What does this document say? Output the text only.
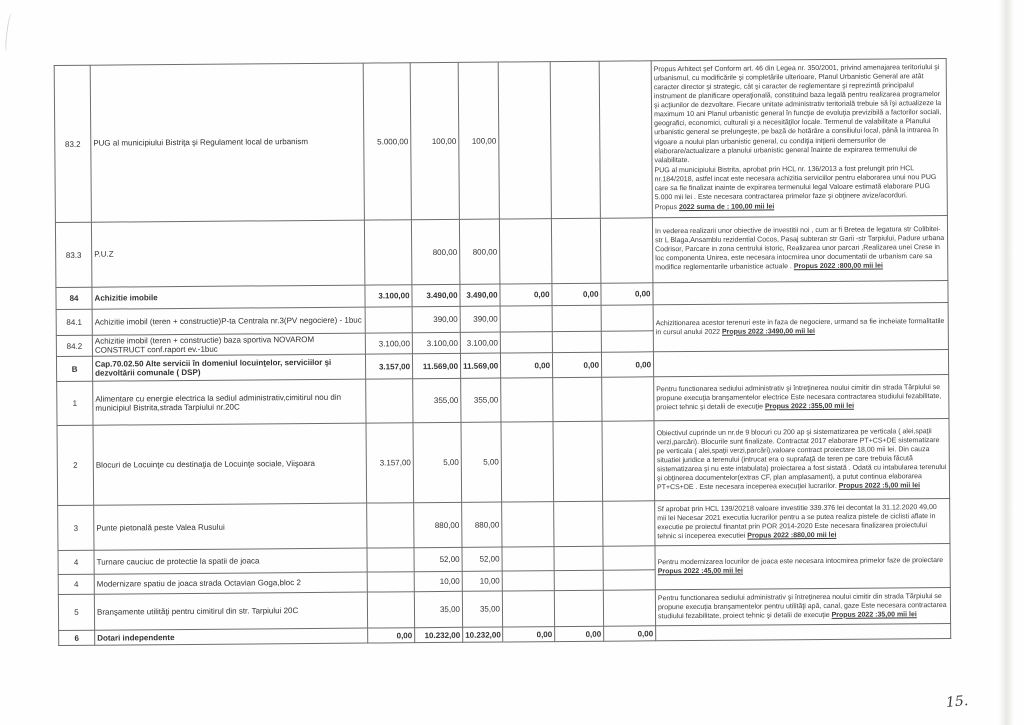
83.2	PUG al municipiului Bistriţa şi Regulament local de urbanism	5.000,00	100,00	100,00				Propus Arhitect şef Conform art. 46 din Legea nr. 350/2001, privind amenajarea teritoriului şi urbanismul, cu modificările şi completările ulterioare, Planul Urbanistic General are atât caracter director şi strategic, cât şi caracter de reglementare şi reprezintă principalul instrument de planificare operaţională, constituind baza legală pentru realizarea programelor şi acţiunilor de dezvoltare. Fiecare unitate administrativ teritorială trebuie să îşi actualizeze la maximum 10 ani Planul urbanistic general în funcţie de evoluţia previzibilă a factorilor sociali, geografici, economici, culturali şi a necesităţilor locale. Termenul de valabilitate a Planului urbanistic general se prelungeşte, pe bază de hotărâre a consiliului local, până la intrarea în vigoare a noului plan urbanistic general, cu condiţia iniţierii demersurilor de elaborare/actualizare a planului urbanistic general înainte de expirarea termenului de valabilitate.
PUG al municipiului Bistrita, aprobat prin HCL nr. 136/2013 a fost prelungit prin HCL nr.184/2018, astfel incat este necesara achizitia serviciilor pentru elaborarea unui nou PUG care sa fie finalizat inainte de expirarea termenului legal Valoare estimată elaborare PUG 5.000 mii lei . Este necesara contractarea primelor faze şi obţinere avize/acorduri.
Propus 2022 suma de : 100,00 mii lei

83.3	P.U.Z		800,00	800,00				In vederea realizarii unor obiective de investitii noi , cum ar fi Bretea de legatura str Colibitei-str L Blaga,Ansamblu rezidential Cocos, Pasaj subteran str Garii -str Tarpiului, Padure urbana Codrisor, Parcare in zona centrului istoric, Realizarea unor parcari ,Realizarea unei Crese in loc componenta Unirea, este necesara intocmirea unor documentatii de urbanism care sa modifice reglementarile urbanistice actuale . Propus 2022 :800,00 mii lei

84	Achizitie imobile	3.100,00	3.490,00	3.490,00	0,00	0,00	0,00	
84.1	Achizitie imobil (teren + constructie)P-ta Centrala nr.3(PV negociere) - 1buc		390,00	390,00				Achizitionarea acestor terenuri este in faza de negociere, urmand sa fie incheiate formalitatile in cursul anului 2022 Propus 2022 :3490,00 mii lei

84.2	Achizitie imobil (teren + constructie) baza sportiva NOVAROM CONSTRUCT conf.raport ev.-1buc	3.100,00	3.100,00	3.100,00				
B	Cap.70.02.50 Alte servicii în domeniul locuinţelor, serviciilor şi dezvoltării comunale ( DSP)	3.157,00	11.569,00	11.569,00	0,00	0,00	0,00	
1	Alimentare cu energie electrica la sediul administrativ,cimitirul nou din municipiul Bistrita,strada Tarpiului nr.20C		355,00	355,00				Pentru functionarea sediului administrativ şi întreţinerea noului cimitir din strada Tărpiului se propune execuţia branşamentelor electrice Este necesara contractarea studiului fezabilitate, proiect tehnic şi detalii de execuţie Propus 2022 :355,00 mii lei

2	Blocuri de Locuinţe cu destinaţia de Locuinţe sociale, Viişoara	3.157,00	5,00	5,00				Obiectivul cuprinde un nr.de 9 blocuri cu 200 ap şi sistematizarea pe verticala ( alei,spaţii verzi,parcări). Blocurile sunt finalizate. Contractat 2017 elaborare PT+CS+DE sistematizare pe verticala ( alei,spaţii verzi,parcări),valoare contract proiectare 18,00 mii lei. Din cauza situatiei juridice a terenului (intrucat era o suprafaţă de teren pe care trebuia făcută sistematizarea şi nu este intabulata) proiectarea a fost sistată . Odată cu intabularea terenului şi obţinerea documentelor(extras CF, plan amplasament), a putut continua elaborarea PT+CS+DE . Este necesara inceperea execuţiei lucrarilor. Propus 2022 :5,00 mii lei

3	Punte pietonală peste Valea Rusului		880,00	880,00				Sf aprobat prin HCL 139/20218 valoare investitie 339.376 lei decontat la 31.12.2020 49,00 mii lei Necesar 2021 executia lucrarilor pentru a se putea realiza pistele de ciclisti aflate in executie pe proiectul finantat prin POR 2014-2020 Este necesara finalizarea proiectului tehnic si inceperea executiei Propus 2022 :880,00 mii lei

4	Turnare cauciuc de protectie la spatii de joaca		52,00	52,00				Pentru modernizarea locurilor de joaca este necesara intocmirea primelor faze de proiectare Propus 2022 :45,00 mii lei

4	Modernizare spatiu de joaca strada Octavian Goga,bloc 2		10,00	10,00				
5	Branşamente utilităţi pentru cimitirul din str. Tarpiului 20C		35,00	35,00				Pentru functionarea sediului administrativ şi întreţinerea noului cimitir din strada Tărpiului se propune execuţia branşamentelor pentru utilităţi apă, canal, gaze Este necesara contractarea studiului fezabilitate, proiect tehnic şi detalii de execuţie Propus 2022 :35,00 mii lei

6	Dotari independente	0,00	10.232,00	10.232,00	0,00	0,00	0,00	
15.
